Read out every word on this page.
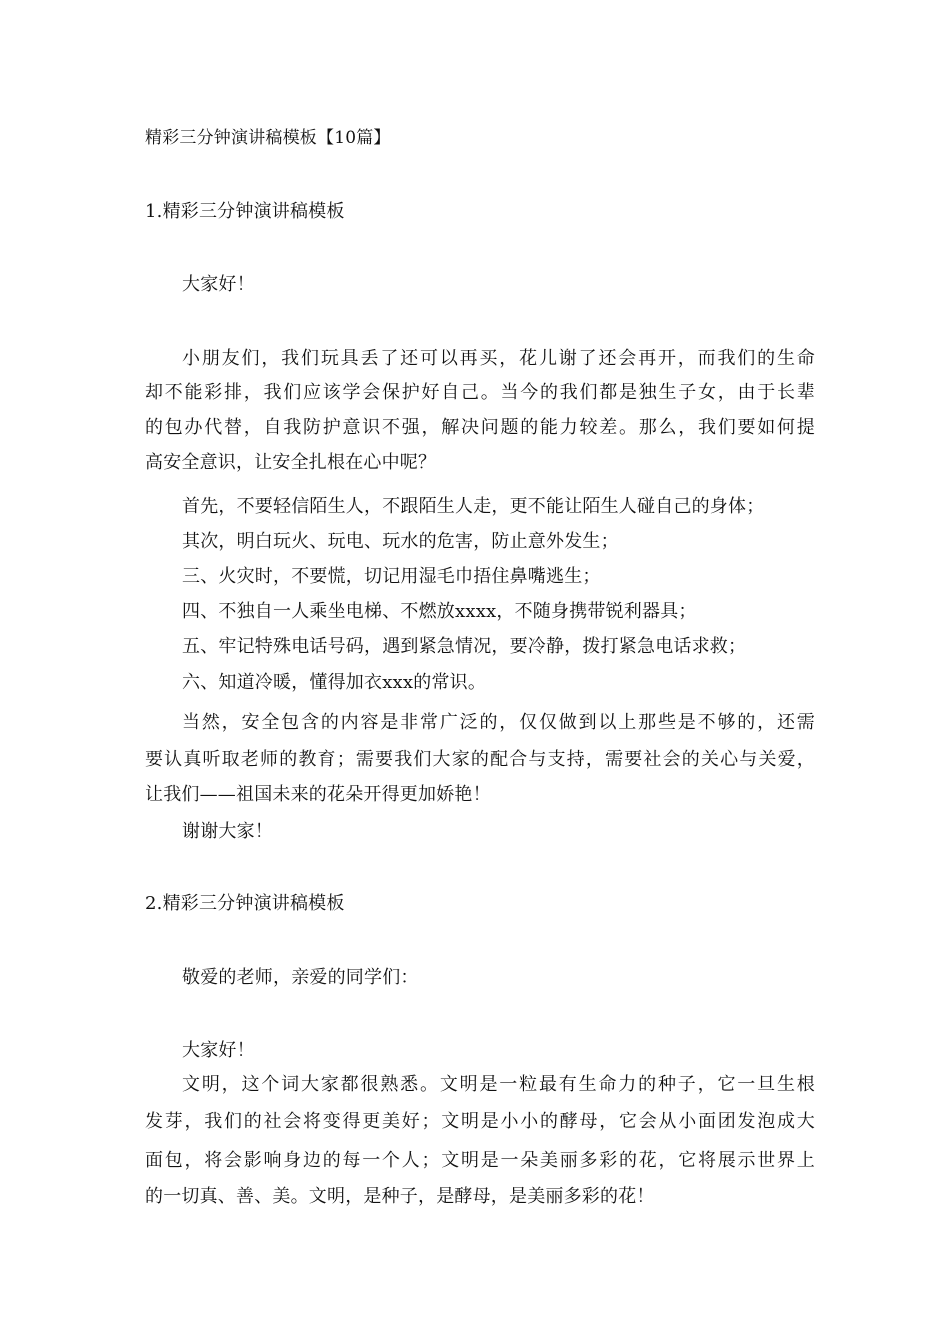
精彩三分钟演讲稿模板【10篇】
1.精彩三分钟演讲稿模板
大家好！
小朋友们，我们玩具丢了还可以再买，花儿谢了还会再开，而我们的生命
却不能彩排，我们应该学会保护好自己。当今的我们都是独生子女，由于长辈
的包办代替，自我防护意识不强，解决问题的能力较差。那么，我们要如何提
高安全意识，让安全扎根在心中呢？
首先，不要轻信陌生人，不跟陌生人走，更不能让陌生人碰自己的身体；
其次，明白玩火、玩电、玩水的危害，防止意外发生；
三、火灾时，不要慌，切记用湿毛巾捂住鼻嘴逃生；
四、不独自一人乘坐电梯、不燃放xxxx，不随身携带锐利器具；
五、牢记特殊电话号码，遇到紧急情况，要冷静，拨打紧急电话求救；
六、知道冷暖，懂得加衣xxx的常识。
当然，安全包含的内容是非常广泛的，仅仅做到以上那些是不够的，还需
要认真听取老师的教育；需要我们大家的配合与支持，需要社会的关心与关爱，
让我们——祖国未来的花朵开得更加娇艳！
谢谢大家！
2.精彩三分钟演讲稿模板
敬爱的老师，亲爱的同学们：
大家好！
文明，这个词大家都很熟悉。文明是一粒最有生命力的种子，它一旦生根
发芽，我们的社会将变得更美好；文明是小小的酵母，它会从小面团发泡成大
面包，将会影响身边的每一个人；文明是一朵美丽多彩的花，它将展示世界上
的一切真、善、美。文明，是种子，是酵母，是美丽多彩的花！
